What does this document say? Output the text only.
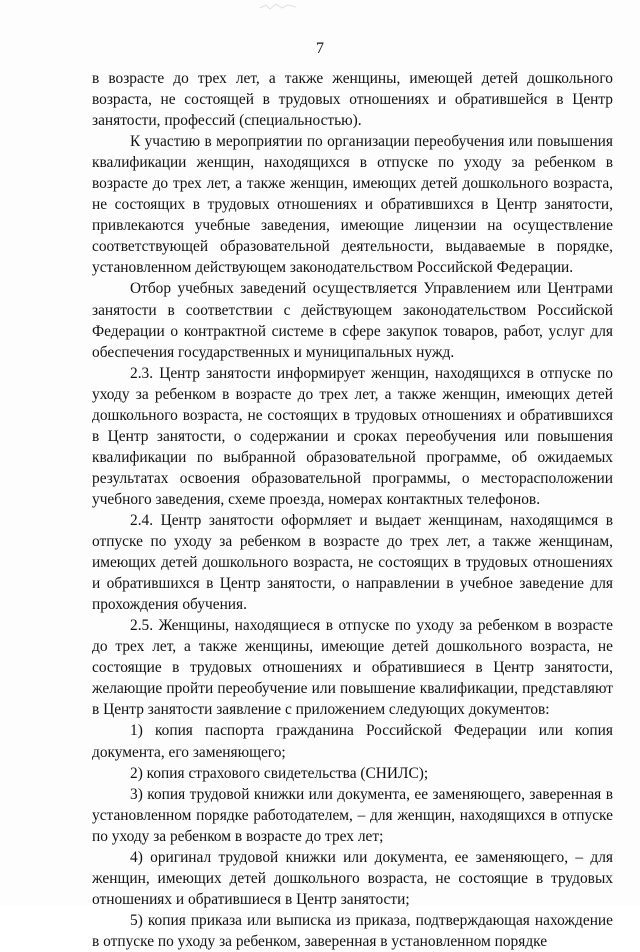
7

в возрасте до трех лет, а также женщины, имеющей детей дошкольного возраста, не состоящей в трудовых отношениях и обратившейся в Центр занятости, профессий (специальностью).

К участию в мероприятии по организации переобучения или повышения квалификации женщин, находящихся в отпуске по уходу за ребенком в возрасте до трех лет, а также женщин, имеющих детей дошкольного возраста, не состоящих в трудовых отношениях и обратившихся в Центр занятости, привлекаются учебные заведения, имеющие лицензии на осуществление соответствующей образовательной деятельности, выдаваемые в порядке, установленном действующем законодательством Российской Федерации.

Отбор учебных заведений осуществляется Управлением или Центрами занятости в соответствии с действующем законодательством Российской Федерации о контрактной системе в сфере закупок товаров, работ, услуг для обеспечения государственных и муниципальных нужд.

2.3. Центр занятости информирует женщин, находящихся в отпуске по уходу за ребенком в возрасте до трех лет, а также женщин, имеющих детей дошкольного возраста, не состоящих в трудовых отношениях и обратившихся в Центр занятости, о содержании и сроках переобучения или повышения квалификации по выбранной образовательной программе, об ожидаемых результатах освоения образовательной программы, о месторасположении учебного заведения, схеме проезда, номерах контактных телефонов.

2.4. Центр занятости оформляет и выдает женщинам, находящимся в отпуске по уходу за ребенком в возрасте до трех лет, а также женщинам, имеющих детей дошкольного возраста, не состоящих в трудовых отношениях и обратившихся в Центр занятости, о направлении в учебное заведение для прохождения обучения.

2.5. Женщины, находящиеся в отпуске по уходу за ребенком в возрасте до трех лет, а также женщины, имеющие детей дошкольного возраста, не состоящие в трудовых отношениях и обратившиеся в Центр занятости, желающие пройти переобучение или повышение квалификации, представляют в Центр занятости заявление с приложением следующих документов:

1) копия паспорта гражданина Российской Федерации или копия документа, его заменяющего;

2) копия страхового свидетельства (СНИЛС);

3) копия трудовой книжки или документа, ее заменяющего, заверенная в установленном порядке работодателем, – для женщин, находящихся в отпуске по уходу за ребенком в возрасте до трех лет;

4) оригинал трудовой книжки или документа, ее заменяющего, – для женщин, имеющих детей дошкольного возраста, не состоящие в трудовых отношениях и обратившиеся в Центр занятости;

5) копия приказа или выписка из приказа, подтверждающая нахождение в отпуске по уходу за ребенком, заверенная в установленном порядке
